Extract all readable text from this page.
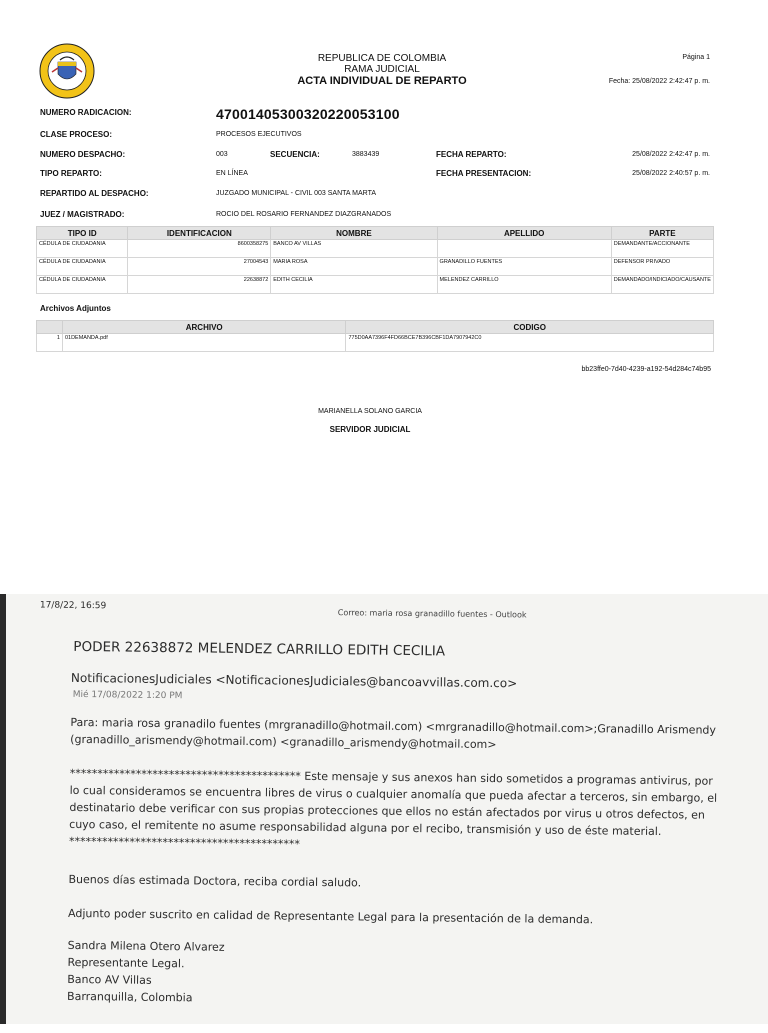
REPUBLICA DE COLOMBIA
RAMA JUDICIAL
ACTA INDIVIDUAL DE REPARTO
Página 1
Fecha: 25/08/2022 2:42:47 p. m.
NUMERO RADICACION:	47001405300320220053100
CLASE PROCESO:	PROCESOS EJECUTIVOS
NUMERO DESPACHO:	003	SECUENCIA:	3883439	FECHA REPARTO:	25/08/2022 2:42:47 p. m.
TIPO REPARTO:	EN LÍNEA	FECHA PRESENTACION:	25/08/2022 2:40:57 p. m.
REPARTIDO AL DESPACHO:	JUZGADO MUNICIPAL - CIVIL 003 SANTA MARTA
JUEZ / MAGISTRADO:	ROCIO DEL ROSARIO FERNANDEZ DIAZGRANADOS
TIPO ID	IDENTIFICACION	NOMBRE	APELLIDO	PARTE
CÉDULA DE CIUDADANIA	8600358275	BANCO AV VILLAS		DEMANDANTE/ACCIONANTE
CÉDULA DE CIUDADANIA	27004543	MARIA ROSA	GRANADILLO FUENTES	DEFENSOR PRIVADO
CÉDULA DE CIUDADANIA	22638872	EDITH CECILIA	MELENDEZ CARRILLO	DEMANDADO/INDICIADO/CAUSANTE
Archivos Adjuntos
	ARCHIVO	CODIGO
1	01DEMANDA.pdf	775D0AA7396F4FD66BCE7B396CBF1DA7907942C0
bb23ffe0-7d40-4239-a192-54d284c74b95
MARIANELLA SOLANO GARCIA
SERVIDOR JUDICIAL
17/8/22, 16:59
Correo: maria rosa granadillo fuentes - Outlook
PODER 22638872 MELENDEZ CARRILLO EDITH CECILIA
NotificacionesJudiciales <NotificacionesJudiciales@bancoavvillas.com.co>
Mié 17/08/2022 1:20 PM
Para: maria rosa granadilo fuentes (mrgranadillo@hotmail.com) <mrgranadillo@hotmail.com>;Granadillo Arismendy (granadillo_arismendy@hotmail.com) <granadillo_arismendy@hotmail.com>
****************************************** Este mensaje y sus anexos han sido sometidos a programas antivirus, por lo cual consideramos se encuentra libres de virus o cualquier anomalía que pueda afectar a terceros, sin embargo, el destinatario debe verificar con sus propias protecciones que ellos no están afectados por virus u otros defectos, en cuyo caso, el remitente no asume responsabilidad alguna por el recibo, transmisión y uso de éste material. ******************************************
Buenos días estimada Doctora, reciba cordial saludo.
Adjunto poder suscrito en calidad de Representante Legal para la presentación de la demanda.
Sandra Milena Otero Alvarez
Representante Legal.
Banco AV Villas
Barranquilla, Colombia
